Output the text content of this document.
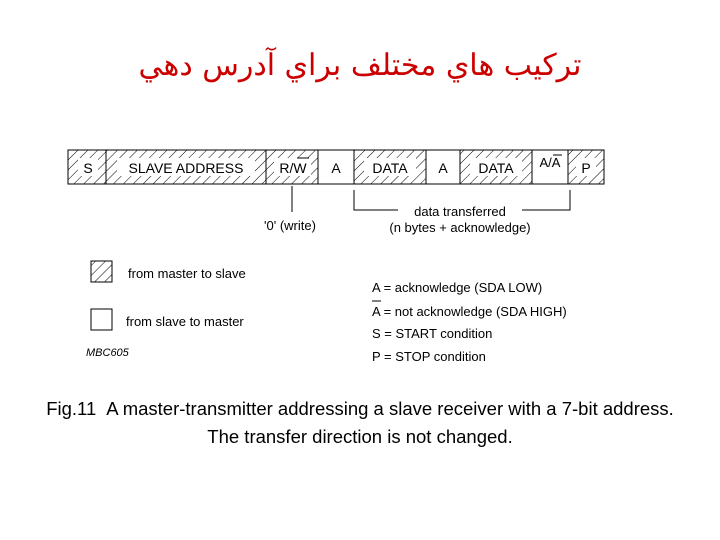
تركيب هاي مختلف براي آدرس دهي
S	SLAVE ADDRESS	R/W A DATA A DATA A/A P
'0' (write)
data transferred
(n bytes + acknowledge)
from master to slave
from slave to master
MBC605
A = acknowledge (SDA LOW)
A = not acknowledge (SDA HIGH)
S = START condition
P = STOP condition
Fig.11 A master-transmitter addressing a slave receiver with a 7-bit address.
The transfer direction is not changed.
